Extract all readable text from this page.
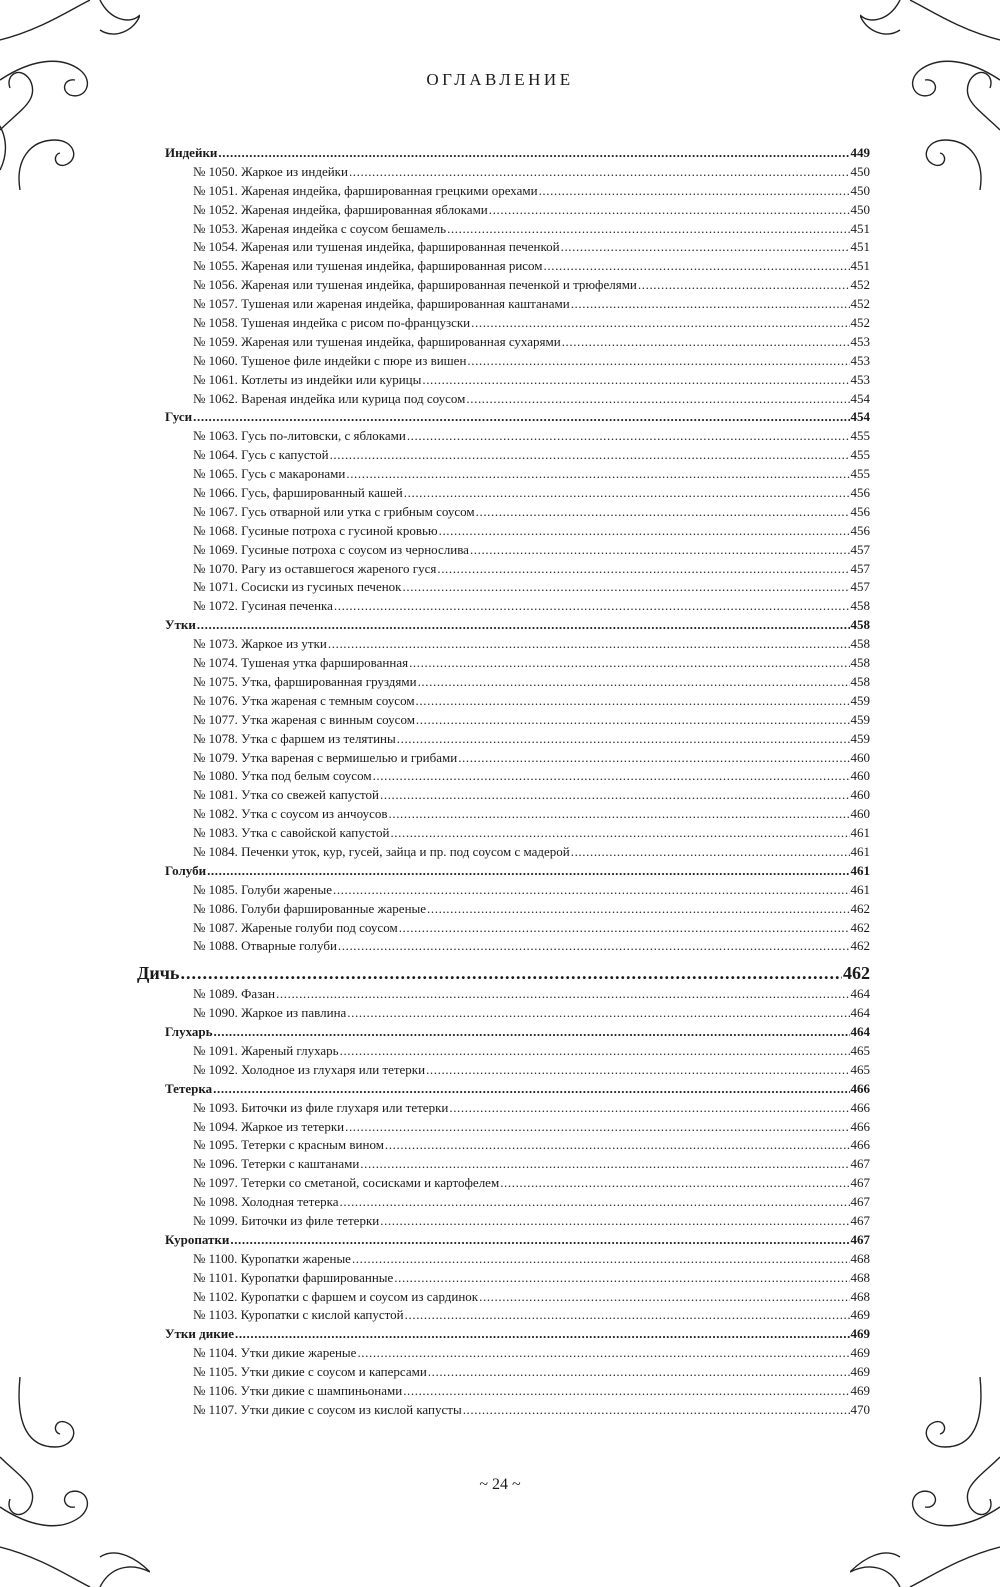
ОГЛАВЛЕНИЕ
Индейки .....	449
№ 1050. Жаркое из индейки .....	450
№ 1051. Жареная индейка, фаршированная грецкими орехами .....	450
№ 1052. Жареная индейка, фаршированная яблоками .....	450
№ 1053. Жареная индейка с соусом бешамель .....	451
№ 1054. Жареная или тушеная индейка, фаршированная печенкой .....	451
№ 1055. Жареная или тушеная индейка, фаршированная рисом .....	451
№ 1056. Жареная или тушеная индейка, фаршированная печенкой и трюфелями .....	452
№ 1057. Тушеная или жареная индейка, фаршированная каштанами .....	452
№ 1058. Тушеная индейка с рисом по-французски .....	452
№ 1059. Жареная или тушеная индейка, фаршированная сухарями .....	453
№ 1060. Тушеное филе индейки с пюре из вишен .....	453
№ 1061. Котлеты из индейки или курицы .....	453
№ 1062. Вареная индейка или курица под соусом .....	454
Гуси .....	454
№ 1063. Гусь по-литовски, с яблоками .....	455
№ 1064. Гусь с капустой .....	455
№ 1065. Гусь с макаронами .....	455
№ 1066. Гусь, фаршированный кашей .....	456
№ 1067. Гусь отварной или утка с грибным соусом .....	456
№ 1068. Гусиные потроха с гусиной кровью .....	456
№ 1069. Гусиные потроха с соусом из чернослива .....	457
№ 1070. Рагу из оставшегося жареного гуся .....	457
№ 1071. Сосиски из гусиных печенок .....	457
№ 1072. Гусиная печенка .....	458
Утки .....	458
№ 1073. Жаркое из утки .....	458
№ 1074. Тушеная утка фаршированная .....	458
№ 1075. Утка, фаршированная груздями .....	458
№ 1076. Утка жареная с темным соусом .....	459
№ 1077. Утка жареная с винным соусом .....	459
№ 1078. Утка с фаршем из телятины .....	459
№ 1079. Утка вареная с вермишелью и грибами .....	460
№ 1080. Утка под белым соусом .....	460
№ 1081. Утка со свежей капустой .....	460
№ 1082. Утка с соусом из анчоусов .....	460
№ 1083. Утка с савойской капустой .....	461
№ 1084. Печенки уток, кур, гусей, зайца и пр. под соусом с мадерой .....	461
Голуби .....	461
№ 1085. Голуби жареные .....	461
№ 1086. Голуби фаршированные жареные .....	462
№ 1087. Жареные голуби под соусом .....	462
№ 1088. Отварные голуби .....	462
Дичь .....	462
№ 1089. Фазан .....	464
№ 1090. Жаркое из павлина .....	464
Глухарь .....	464
№ 1091. Жареный глухарь .....	465
№ 1092. Холодное из глухаря или тетерки .....	465
Тетерка .....	466
№ 1093. Биточки из филе глухаря или тетерки .....	466
№ 1094. Жаркое из тетерки .....	466
№ 1095. Тетерки с красным вином .....	466
№ 1096. Тетерки с каштанами .....	467
№ 1097. Тетерки со сметаной, сосисками и картофелем .....	467
№ 1098. Холодная тетерка .....	467
№ 1099. Биточки из филе тетерки .....	467
Куропатки .....	467
№ 1100. Куропатки жареные .....	468
№ 1101. Куропатки фаршированные .....	468
№ 1102. Куропатки с фаршем и соусом из сардинок .....	468
№ 1103. Куропатки с кислой капустой .....	469
Утки дикие .....	469
№ 1104. Утки дикие жареные .....	469
№ 1105. Утки дикие с соусом и каперсами .....	469
№ 1106. Утки дикие с шампиньонами .....	469
№ 1107. Утки дикие с соусом из кислой капусты .....	470
~ 24 ~
